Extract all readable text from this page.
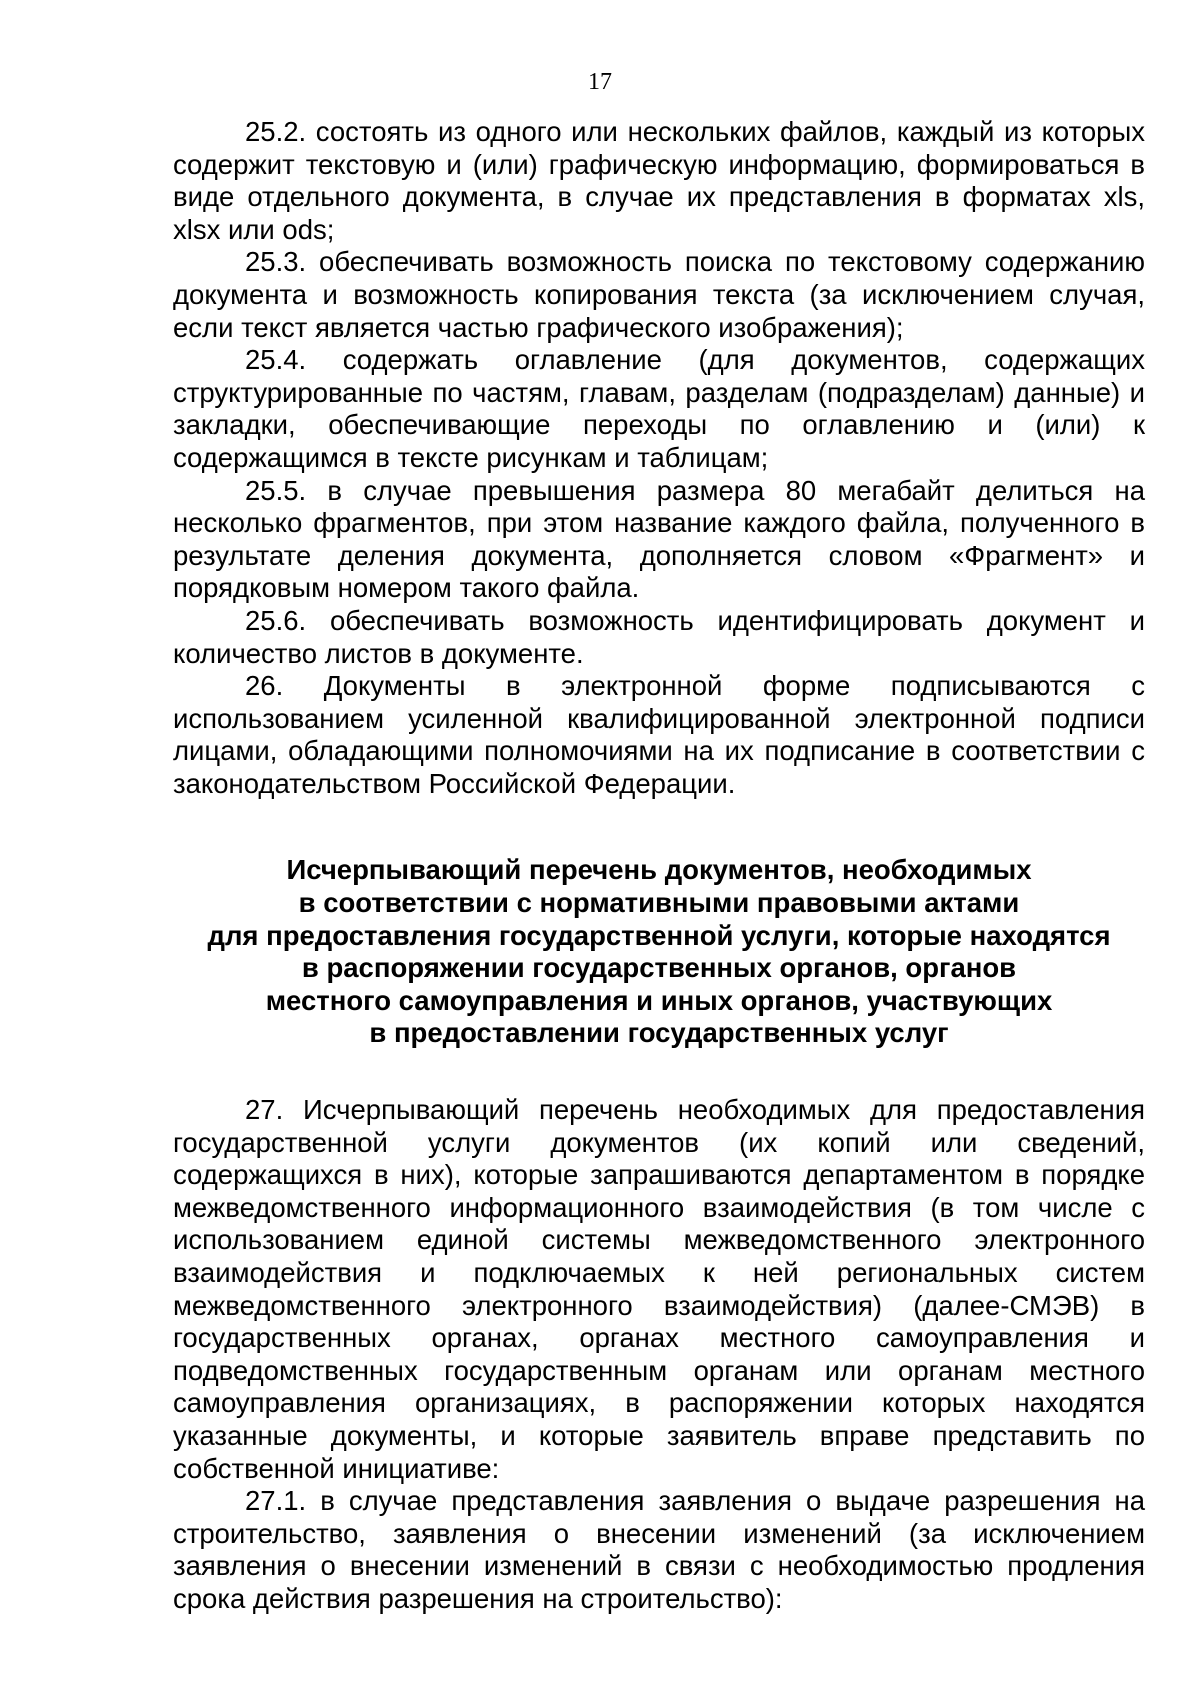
17

25.2. состоять из одного или нескольких файлов, каждый из которых содержит текстовую и (или) графическую информацию, формироваться в виде отдельного документа, в случае их представления в форматах xls, xlsx или ods;

25.3. обеспечивать возможность поиска по текстовому содержанию документа и возможность копирования текста (за исключением случая, если текст является частью графического изображения);

25.4. содержать оглавление (для документов, содержащих структурированные по частям, главам, разделам (подразделам) данные) и закладки, обеспечивающие переходы по оглавлению и (или) к содержащимся в тексте рисункам и таблицам;

25.5. в случае превышения размера 80 мегабайт делиться на несколько фрагментов, при этом название каждого файла, полученного в результате деления документа, дополняется словом «Фрагмент» и порядковым номером такого файла.

25.6. обеспечивать возможность идентифицировать документ и количество листов в документе.

26. Документы в электронной форме подписываются с использованием усиленной квалифицированной электронной подписи лицами, обладающими полномочиями на их подписание в соответствии с законодательством Российской Федерации.

Исчерпывающий перечень документов, необходимых
в соответствии с нормативными правовыми актами
для предоставления государственной услуги, которые находятся
в распоряжении государственных органов, органов
местного самоуправления и иных органов, участвующих
в предоставлении государственных услуг

27. Исчерпывающий перечень необходимых для предоставления государственной услуги документов (их копий или сведений, содержащихся в них), которые запрашиваются департаментом в порядке межведомственного информационного взаимодействия (в том числе с использованием единой системы межведомственного электронного взаимодействия и подключаемых к ней региональных систем межведомственного электронного взаимодействия) (далее-СМЭВ) в государственных органах, органах местного самоуправления и подведомственных государственным органам или органам местного самоуправления организациях, в распоряжении которых находятся указанные документы, и которые заявитель вправе представить по собственной инициативе:

27.1. в случае представления заявления о выдаче разрешения на строительство, заявления о внесении изменений (за исключением заявления о внесении изменений в связи с необходимостью продления срока действия разрешения на строительство):
